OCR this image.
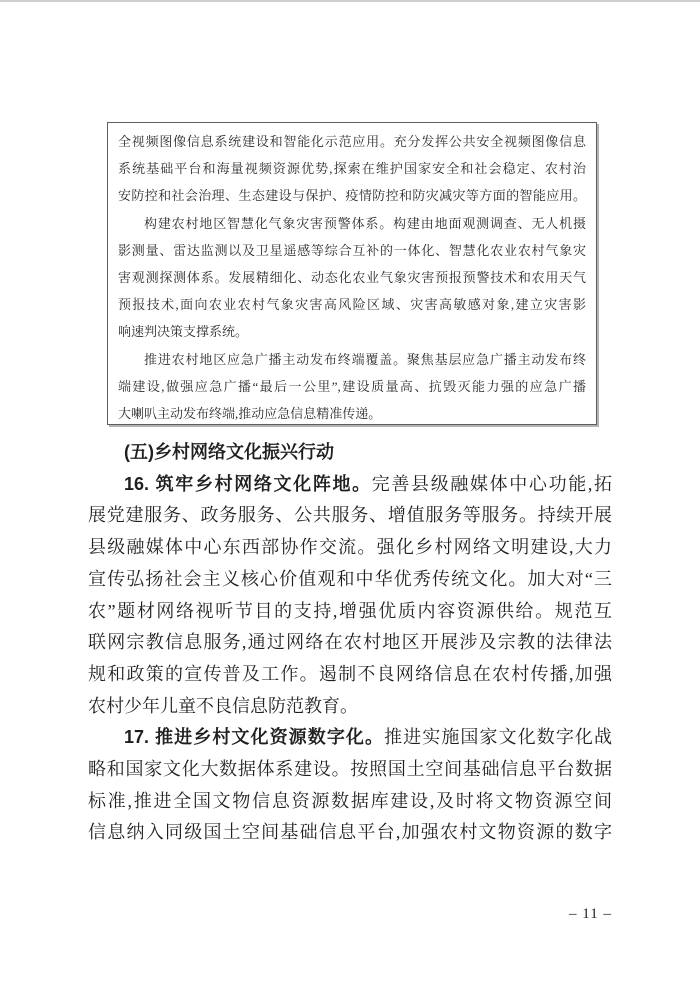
全视频图像信息系统建设和智能化示范应用。充分发挥公共安全视频图像信息
系统基础平台和海量视频资源优势,探索在维护国家安全和社会稳定、农村治
安防控和社会治理、生态建设与保护、疫情防控和防灾减灾等方面的智能应用。
构建农村地区智慧化气象灾害预警体系。构建由地面观测调查、无人机摄
影测量、雷达监测以及卫星遥感等综合互补的一体化、智慧化农业农村气象灾
害观测探测体系。发展精细化、动态化农业气象灾害预报预警技术和农用天气
预报技术,面向农业农村气象灾害高风险区域、灾害高敏感对象,建立灾害影
响速判决策支撑系统。
推进农村地区应急广播主动发布终端覆盖。聚焦基层应急广播主动发布终
端建设,做强应急广播“最后一公里”,建设质量高、抗毁灭能力强的应急广播
大喇叭主动发布终端,推动应急信息精准传递。
(五)乡村网络文化振兴行动
16. 筑牢乡村网络文化阵地。完善县级融媒体中心功能,拓
展党建服务、政务服务、公共服务、增值服务等服务。持续开展
县级融媒体中心东西部协作交流。强化乡村网络文明建设,大力
宣传弘扬社会主义核心价值观和中华优秀传统文化。加大对“三
农”题材网络视听节目的支持,增强优质内容资源供给。规范互
联网宗教信息服务,通过网络在农村地区开展涉及宗教的法律法
规和政策的宣传普及工作。遏制不良网络信息在农村传播,加强
农村少年儿童不良信息防范教育。
17. 推进乡村文化资源数字化。推进实施国家文化数字化战
略和国家文化大数据体系建设。按照国土空间基础信息平台数据
标准,推进全国文物信息资源数据库建设,及时将文物资源空间
信息纳入同级国土空间基础信息平台,加强农村文物资源的数字
– 11 –
